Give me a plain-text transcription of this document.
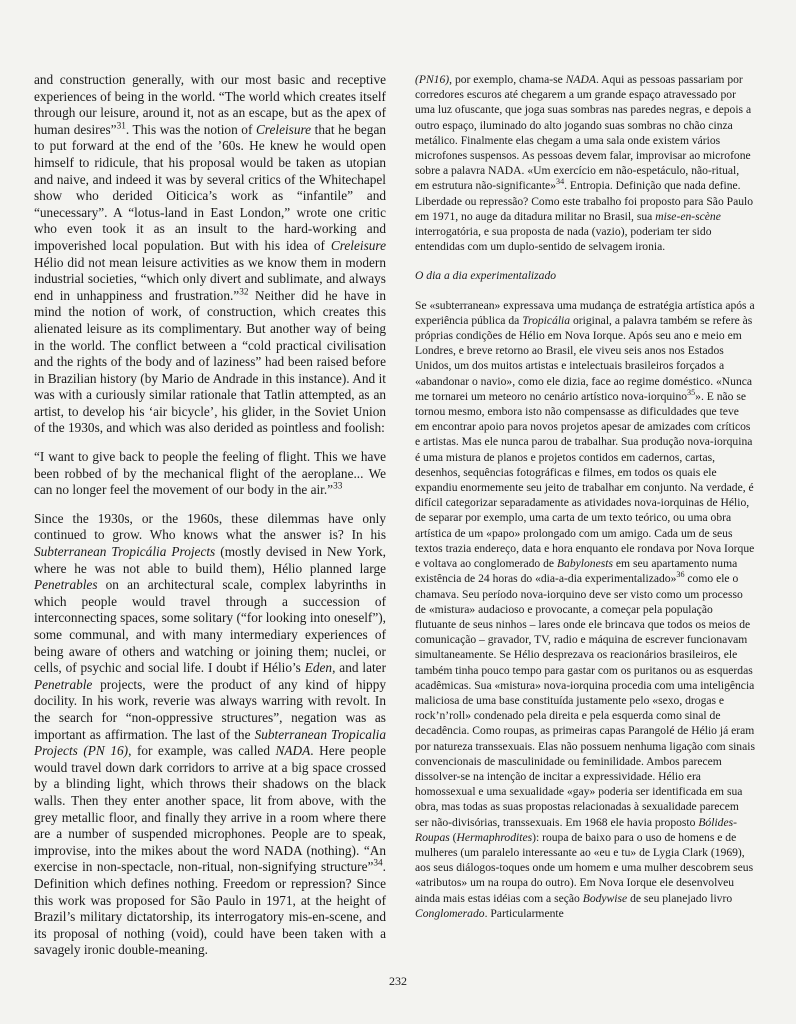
and construction generally, with our most basic and receptive experiences of being in the world. “The world which creates itself through our leisure, around it, not as an escape, but as the apex of human desires”$^{31}$. This was the notion of Creleisure that he began to put forward at the end of the ’60s. He knew he would open himself to ridicule, that his proposal would be taken as utopian and naive, and indeed it was by several critics of the Whitechapel show who derided Oiticica’s work as “infantile” and “unecessary”. A “lotus-land in East London,” wrote one critic who even took it as an insult to the hard-working and impoverished local population. But with his idea of Creleisure Hélio did not mean leisure activities as we know them in modern industrial societies, “which only divert and sublimate, and always end in unhappiness and frustration.”$^{32}$ Neither did he have in mind the notion of work, of construction, which creates this alienated leisure as its complimentary. But another way of being in the world. The conflict between a “cold practical civilisation and the rights of the body and of laziness” had been raised before in Brazilian history (by Mario de Andrade in this instance). And it was with a curiously similar rationale that Tatlin attempted, as an artist, to develop his ‘air bicycle’, his glider, in the Soviet Union of the 1930s, and which was also derided as pointless and foolish:

“I want to give back to people the feeling of flight. This we have been robbed of by the mechanical flight of the aeroplane... We can no longer feel the movement of our body in the air.”$^{33}$

Since the 1930s, or the 1960s, these dilemmas have only continued to grow. Who knows what the answer is? In his Subterranean Tropicália Projects (mostly devised in New York, where he was not able to build them), Hélio planned large Penetrables on an architectural scale, complex labyrinths in which people would travel through a succession of interconnecting spaces, some solitary (“for looking into oneself”), some communal, and with many intermediary experiences of being aware of others and watching or joining them; nuclei, or cells, of psychic and social life. I doubt if Hélio’s Eden, and later Penetrable projects, were the product of any kind of hippy docility. In his work, reverie was always warring with revolt. In the search for “non-oppressive structures”, negation was as important as affirmation. The last of the Subterranean Tropicalia Projects (PN 16), for example, was called NADA. Here people would travel down dark corridors to arrive at a big space crossed by a blinding light, which throws their shadows on the black walls. Then they enter another space, lit from above, with the grey metallic floor, and finally they arrive in a room where there are a number of suspended microphones. People are to speak, improvise, into the mikes about the word NADA (nothing). “An exercise in non-spectacle, non-ritual, non-signifying structure”$^{34}$. Definition which defines nothing. Freedom or repression? Since this work was proposed for São Paulo in 1971, at the height of Brazil’s military dictatorship, its interrogatory mis-en-scene, and its proposal of nothing (void), could have been taken with a savagely ironic double-meaning.

(PN16), por exemplo, chama-se NADA. Aqui as pessoas passariam por corredores escuros até chegarem a um grande espaço atravessado por uma luz ofuscante, que joga suas sombras nas paredes negras, e depois a outro espaço, iluminado do alto jogando suas sombras no chão cinza metálico. Finalmente elas chegam a uma sala onde existem vários microfones suspensos. As pessoas devem falar, improvisar ao microfone sobre a palavra NADA. «Um exercício em não-espetáculo, não-ritual, em estrutura não-significante»$^{34}$. Entropia. Definição que nada define. Liberdade ou repressão? Como este trabalho foi proposto para São Paulo em 1971, no auge da ditadura militar no Brasil, sua mise-en-scène interrogatória, e sua proposta de nada (vazio), poderiam ter sido entendidas com um duplo-sentido de selvagem ironia.

O dia a dia experimentalizado

Se «subterranean» expressava uma mudança de estratégia artística após a experiência pública da Tropicália original, a palavra também se refere às próprias condições de Hélio em Nova Iorque. Após seu ano e meio em Londres, e breve retorno ao Brasil, ele viveu seis anos nos Estados Unidos, um dos muitos artistas e intelectuais brasileiros forçados a «abandonar o navio», como ele dizia, face ao regime doméstico. «Nunca me tornarei um meteoro no cenário artístico nova-iorquino$^{35}$». E não se tornou mesmo, embora isto não compensasse as dificuldades que teve em encontrar apoio para novos projetos apesar de amizades com críticos e artistas. Mas ele nunca parou de trabalhar. Sua produção nova-iorquina é uma mistura de planos e projetos contidos em cadernos, cartas, desenhos, sequências fotográficas e filmes, em todos os quais ele expandiu enormemente seu jeito de trabalhar em conjunto. Na verdade, é difícil categorizar separadamente as atividades nova-iorquinas de Hélio, de separar por exemplo, uma carta de um texto teórico, ou uma obra artística de um «papo» prolongado com um amigo. Cada um de seus textos trazia endereço, data e hora enquanto ele rondava por Nova Iorque e voltava ao conglomerado de Babylonests em seu apartamento numa existência de 24 horas do «dia-a-dia experimentalizado»$^{36}$ como ele o chamava. Seu período nova-iorquino deve ser visto como um processo de «mistura» audacioso e provocante, a começar pela população flutuante de seus ninhos – lares onde ele brincava que todos os meios de comunicação – gravador, TV, radio e máquina de escrever funcionavam simultaneamente. Se Hélio desprezava os reacionários brasileiros, ele também tinha pouco tempo para gastar com os puritanos ou as esquerdas acadêmicas. Sua «mistura» nova-iorquina procedia com uma inteligência maliciosa de uma base constituída justamente pelo «sexo, drogas e rock’n’roll» condenado pela direita e pela esquerda como sinal de decadência. Como roupas, as primeiras capas Parangolé de Hélio já eram por natureza transsexuais. Elas não possuem nenhuma ligação com sinais convencionais de masculinidade ou feminilidade. Ambos parecem dissolver-se na intenção de incitar a expressividade. Hélio era homossexual e uma sexualidade «gay» poderia ser identificada em sua obra, mas todas as suas propostas relacionadas à sexualidade parecem ser não-divisórias, transsexuais. Em 1968 ele havia proposto Bólides-Roupas (Hermaphrodites): roupa de baixo para o uso de homens e de mulheres (um paralelo interessante ao «eu e tu» de Lygia Clark (1969), aos seus diálogos-toques onde um homem e uma mulher descobrem seus «atributos» um na roupa do outro). Em Nova Iorque ele desenvolveu ainda mais estas idéias com a seção Bodywise de seu planejado livro Conglomerado. Particularmente

232
